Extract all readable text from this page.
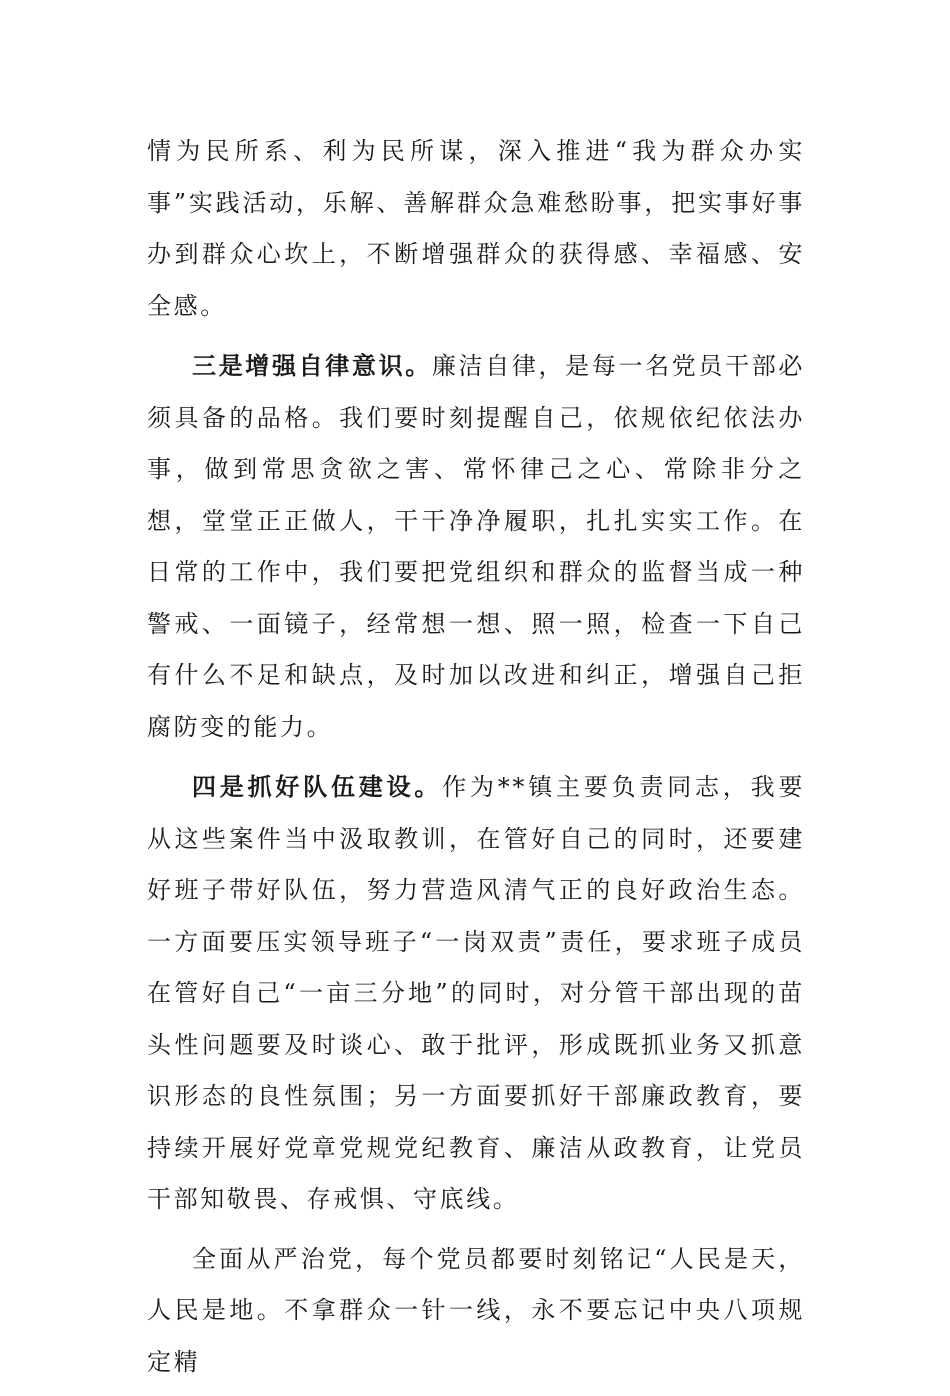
情为民所系、利为民所谋，深入推进“我为群众办实事”实践活动，乐解、善解群众急难愁盼事，把实事好事办到群众心坎上，不断增强群众的获得感、幸福感、安全感。

三是增强自律意识。廉洁自律，是每一名党员干部必须具备的品格。我们要时刻提醒自己，依规依纪依法办事，做到常思贪欲之害、常怀律己之心、常除非分之想，堂堂正正做人，干干净净履职，扎扎实实工作。在日常的工作中，我们要把党组织和群众的监督当成一种警戒、一面镜子，经常想一想、照一照，检查一下自己有什么不足和缺点，及时加以改进和纠正，增强自己拒腐防变的能力。

四是抓好队伍建设。作为**镇主要负责同志，我要从这些案件当中汲取教训，在管好自己的同时，还要建好班子带好队伍，努力营造风清气正的良好政治生态。一方面要压实领导班子“一岗双责”责任，要求班子成员在管好自己“一亩三分地”的同时，对分管干部出现的苗头性问题要及时谈心、敢于批评，形成既抓业务又抓意识形态的良性氛围；另一方面要抓好干部廉政教育，要持续开展好党章党规党纪教育、廉洁从政教育，让党员干部知敬畏、存戒惧、守底线。

全面从严治党，每个党员都要时刻铭记“人民是天，人民是地。不拿群众一针一线，永不要忘记中央八项规定精
